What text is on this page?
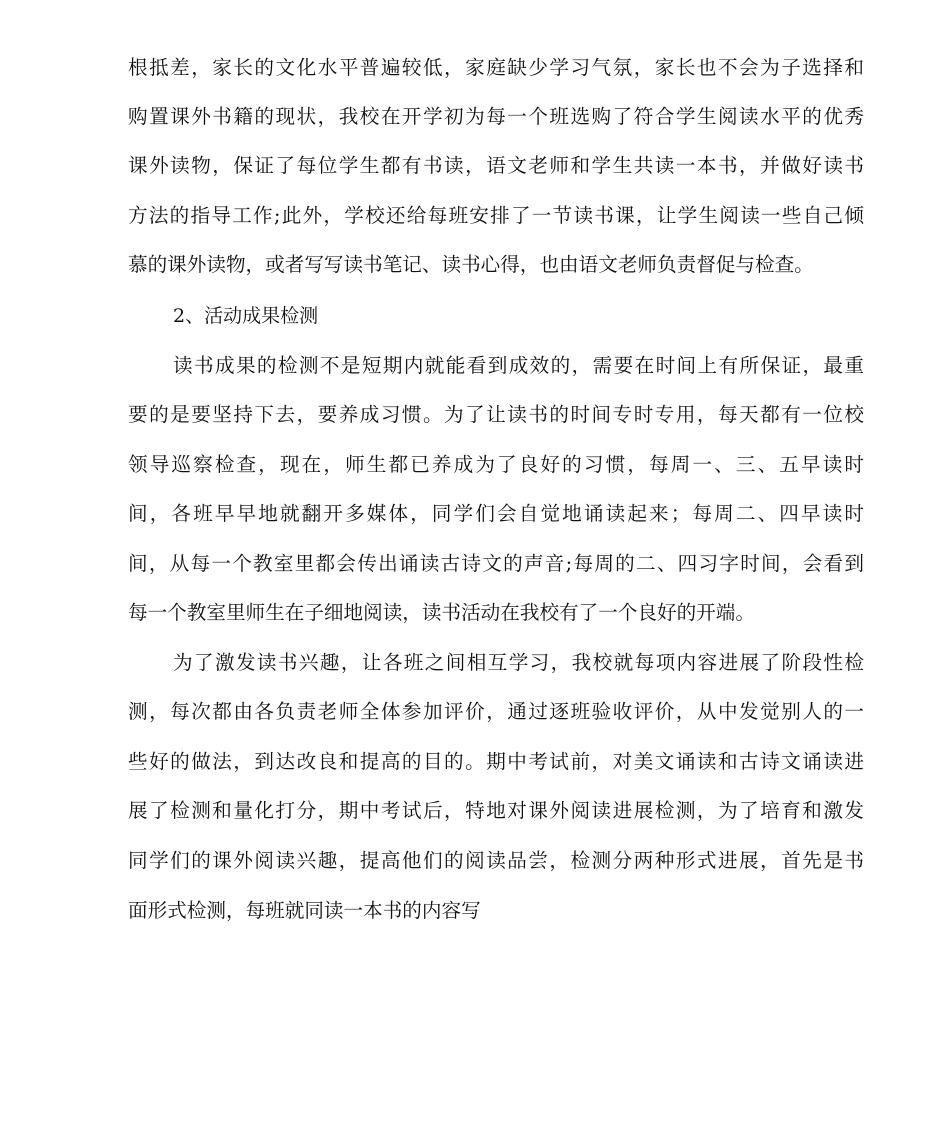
根抵差，家长的文化水平普遍较低，家庭缺少学习气氛，家长也不会为子选择和
购置课外书籍的现状，我校在开学初为每一个班选购了符合学生阅读水平的优秀
课外读物，保证了每位学生都有书读，语文老师和学生共读一本书，并做好读书
方法的指导工作;此外，学校还给每班安排了一节读书课，让学生阅读一些自己倾
慕的课外读物，或者写写读书笔记、读书心得，也由语文老师负责督促与检查。
2、活动成果检测
读书成果的检测不是短期内就能看到成效的，需要在时间上有所保证，最重
要的是要坚持下去，要养成习惯。为了让读书的时间专时专用，每天都有一位校
领导巡察检查，现在，师生都已养成为了良好的习惯，每周一、三、五早读时
间，各班早早地就翻开多媒体，同学们会自觉地诵读起来；每周二、四早读时
间，从每一个教室里都会传出诵读古诗文的声音;每周的二、四习字时间，会看到
每一个教室里师生在子细地阅读，读书活动在我校有了一个良好的开端。
为了激发读书兴趣，让各班之间相互学习，我校就每项内容进展了阶段性检
测，每次都由各负责老师全体参加评价，通过逐班验收评价，从中发觉别人的一
些好的做法，到达改良和提高的目的。期中考试前，对美文诵读和古诗文诵读进
展了检测和量化打分，期中考试后，特地对课外阅读进展检测，为了培育和激发
同学们的课外阅读兴趣，提高他们的阅读品尝，检测分两种形式进展，首先是书
面形式检测，每班就同读一本书的内容写
